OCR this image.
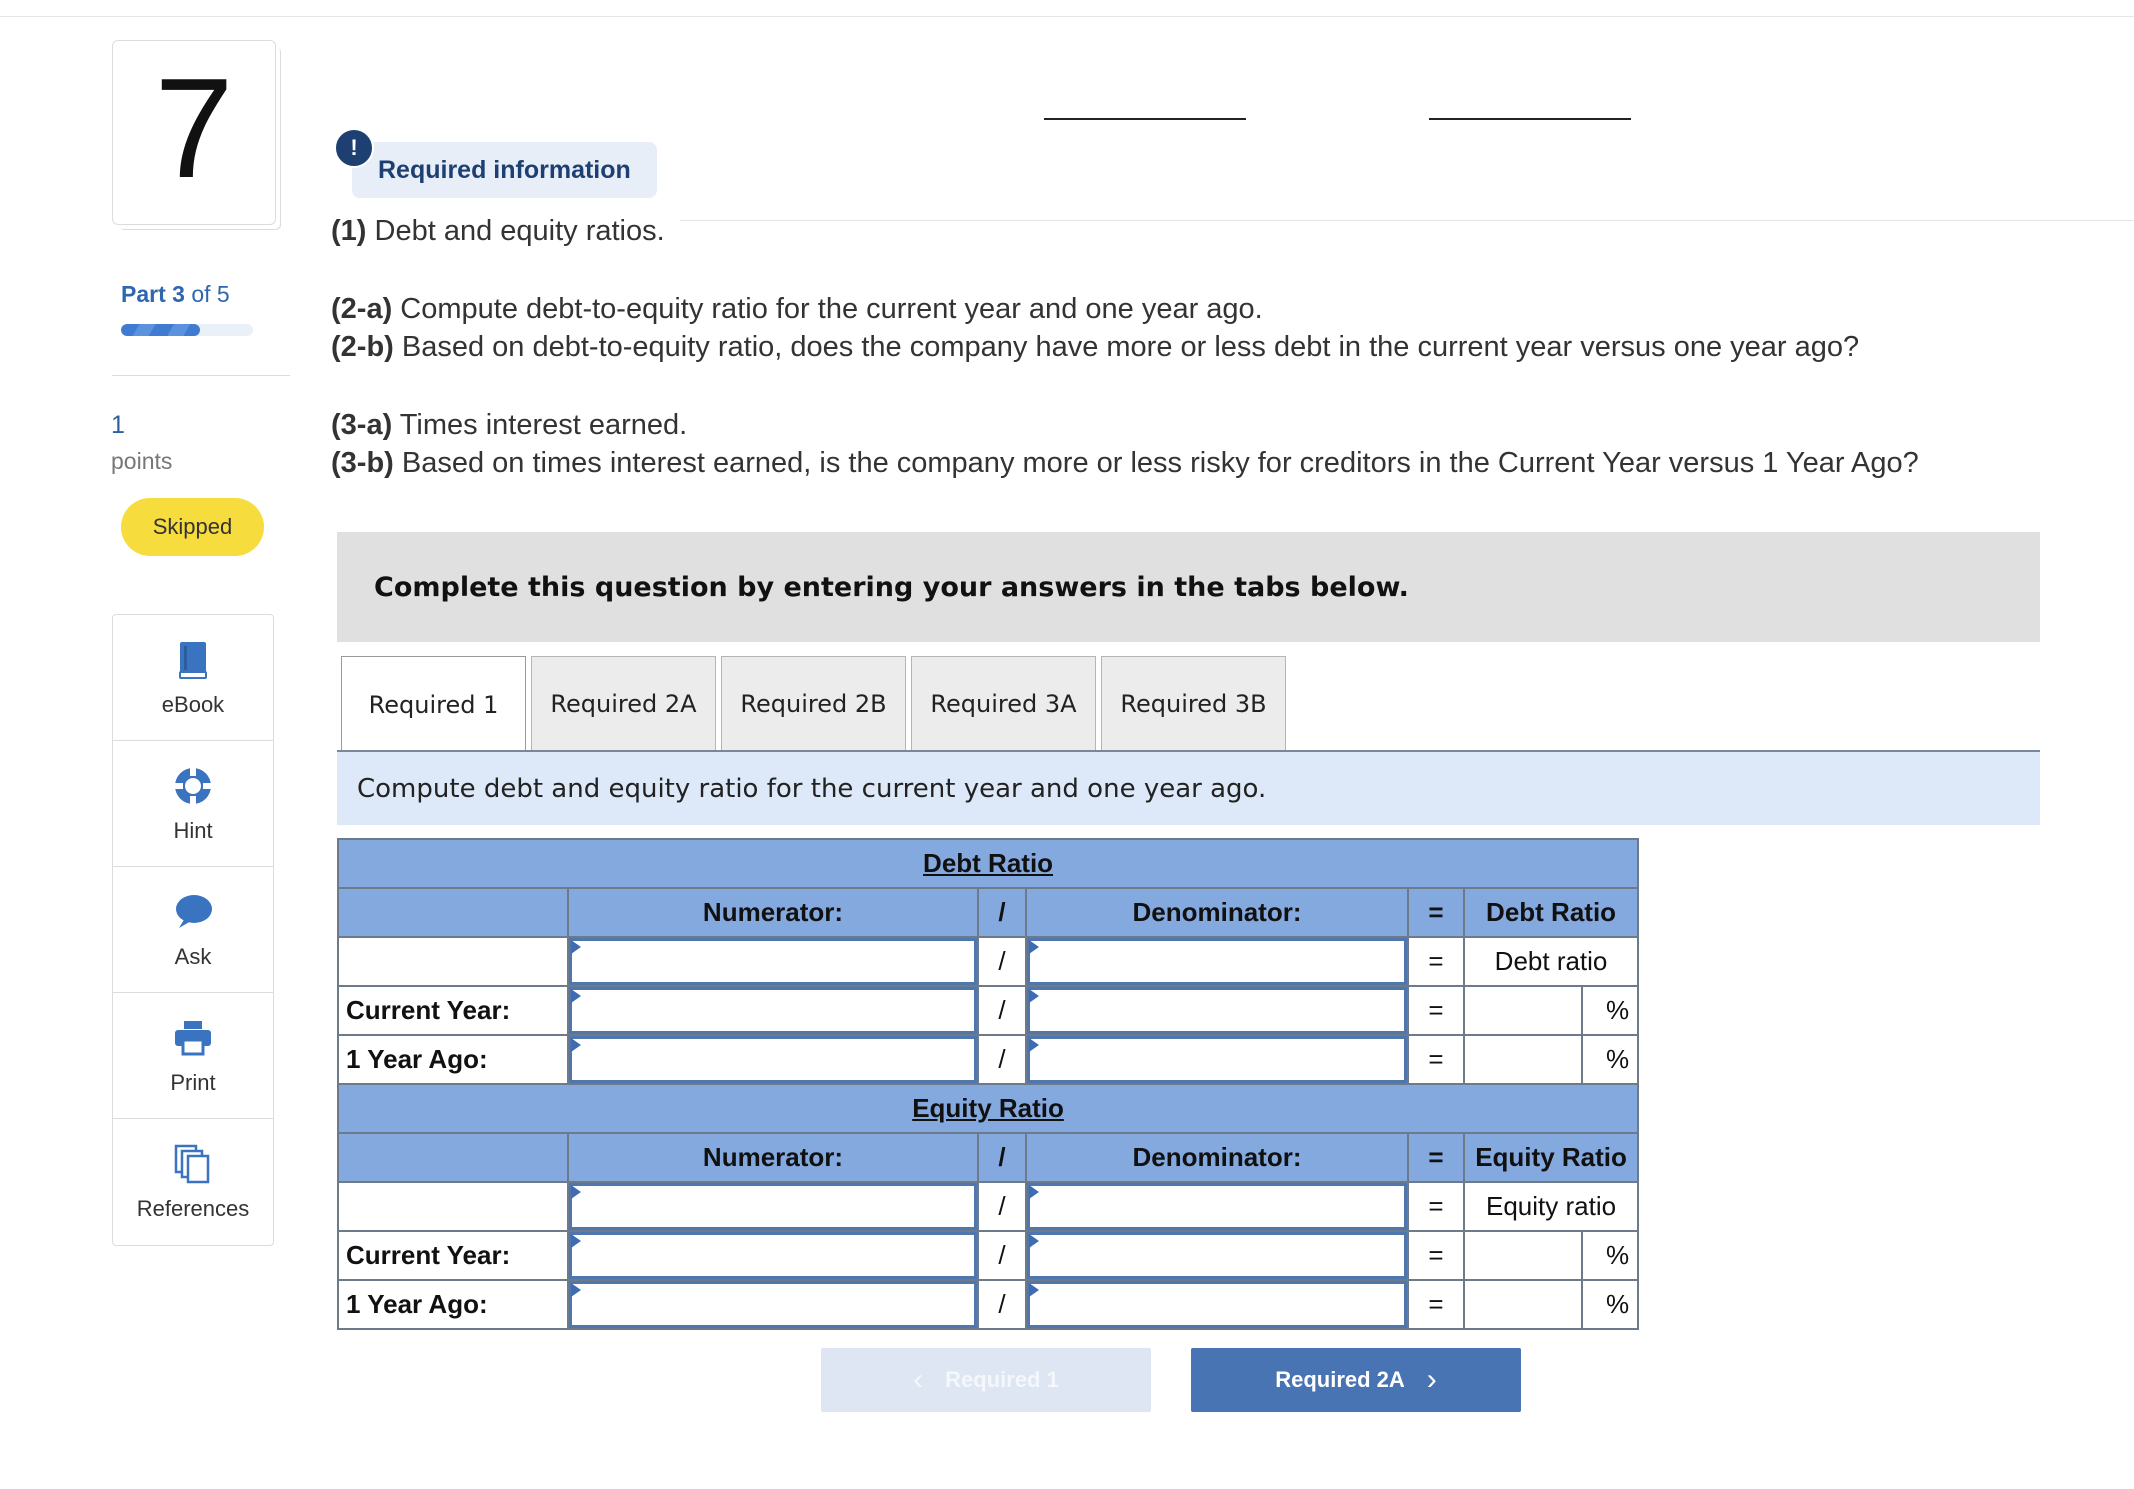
7
Part 3 of 5
1
points
Skipped
eBook
Hint
Ask
Print
References
!
Required information
(1) Debt and equity ratios.
(2-a) Compute debt-to-equity ratio for the current year and one year ago.
(2-b) Based on debt-to-equity ratio, does the company have more or less debt in the current year versus one year ago?
(3-a) Times interest earned.
(3-b) Based on times interest earned, is the company more or less risky for creditors in the Current Year versus 1 Year Ago?
Complete this question by entering your answers in the tabs below.
Required 1	Required 2A	Required 2B	Required 3A	Required 3B
Compute debt and equity ratio for the current year and one year ago.
Debt Ratio						
	Numerator:	/	Denominator:	=	Debt Ratio	
		/		=	Debt ratio	
Current Year:		/		=		%
1 Year Ago:		/		=		%
Equity Ratio						
	Numerator:	/	Denominator:	=	Equity Ratio	
		/		=	Equity ratio	
Current Year:		/		=		%
1 Year Ago:		/		=		%
‹ Required 1	Required 2A ›
